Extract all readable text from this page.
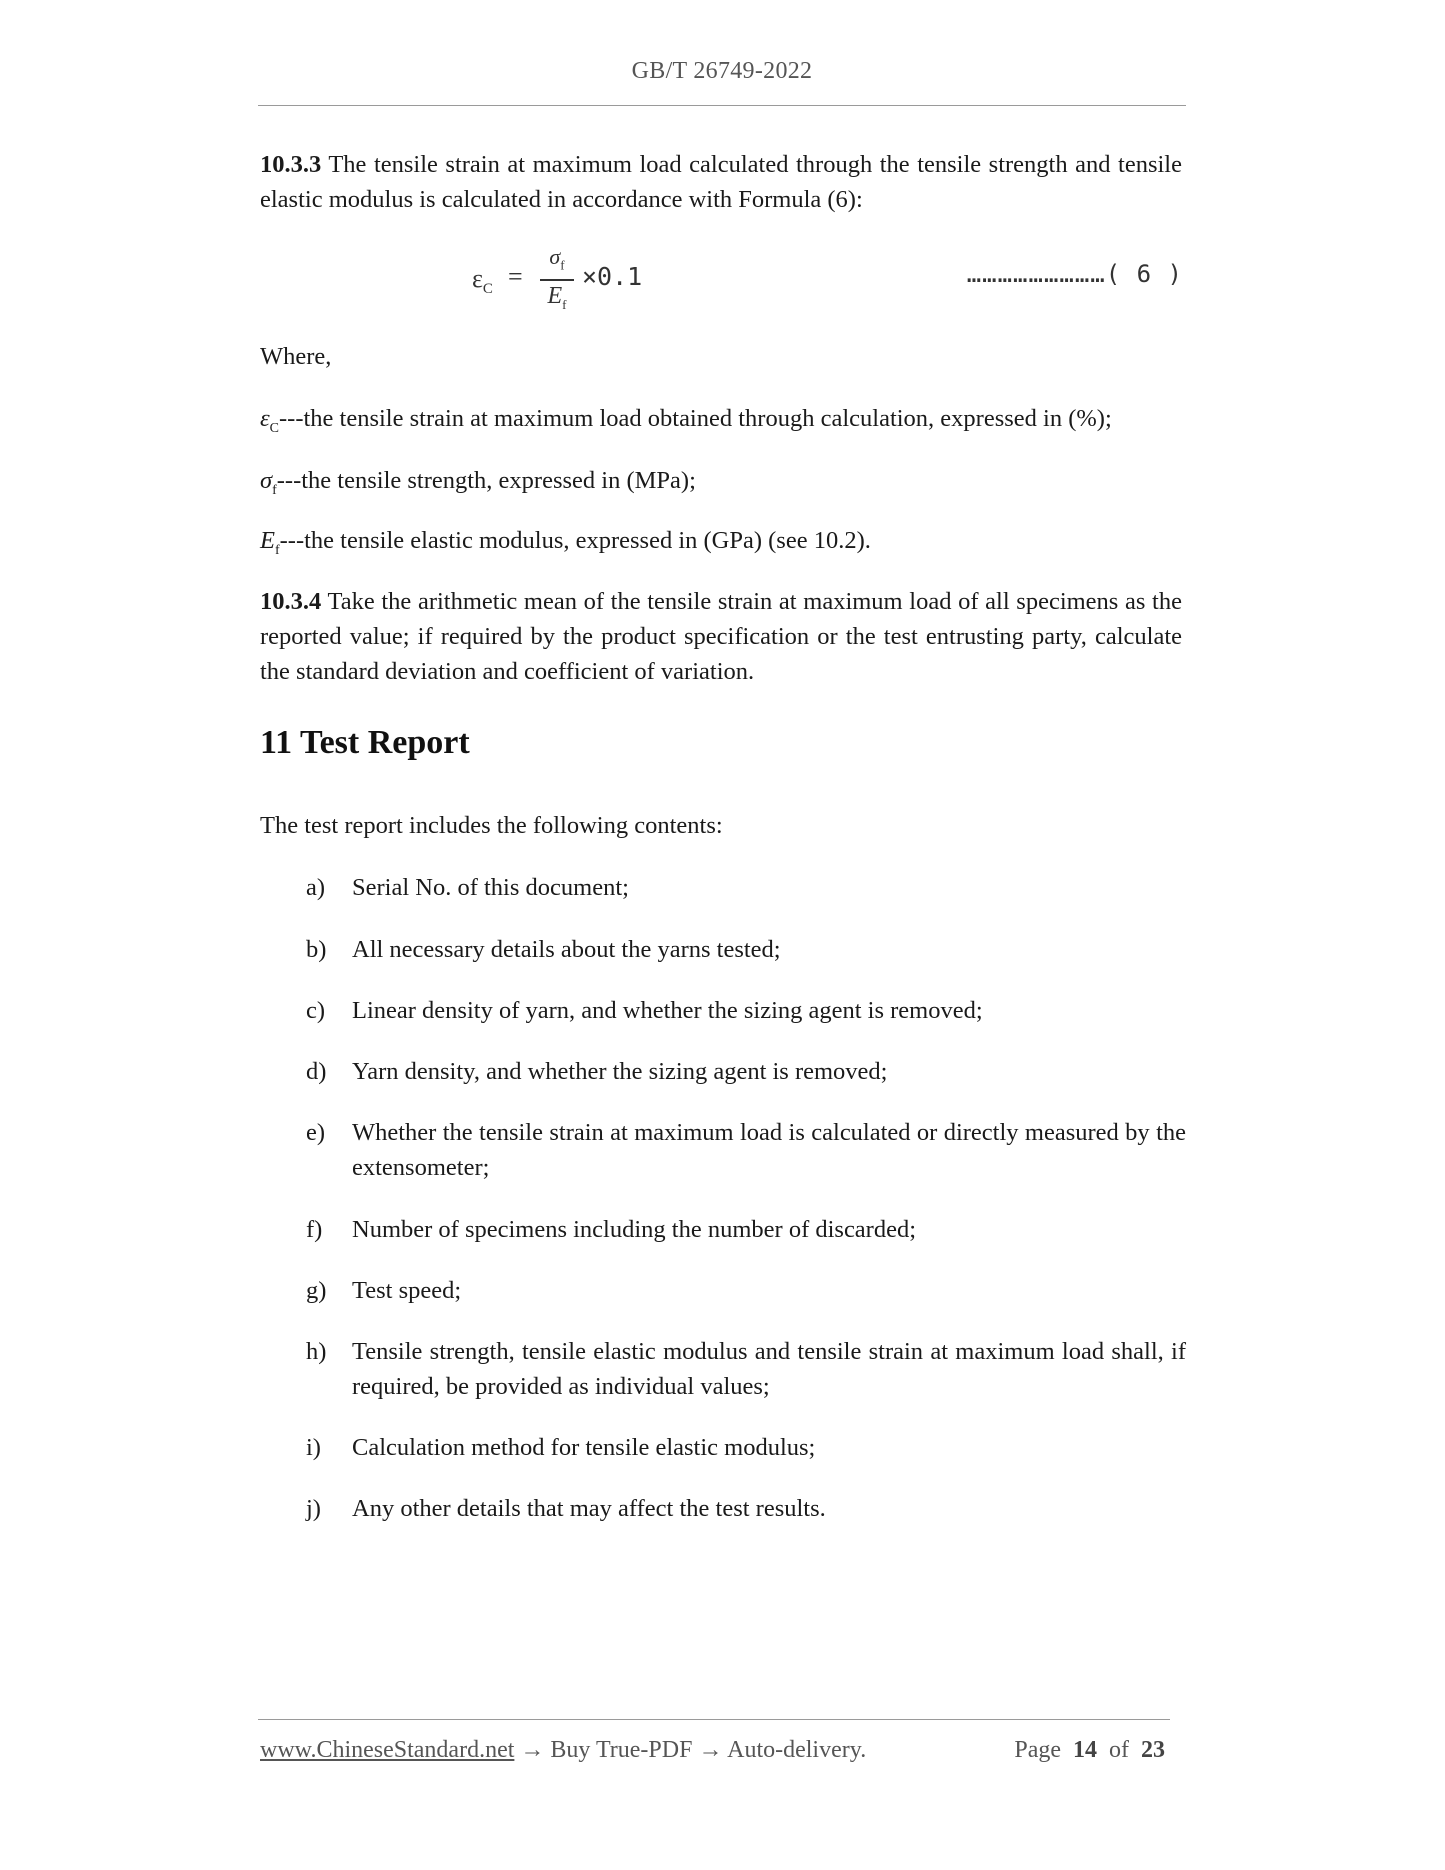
GB/T 26749-2022
10.3.3 The tensile strain at maximum load calculated through the tensile strength and tensile elastic modulus is calculated in accordance with Formula (6):
$\varepsilon_C$ =
$\sigma_f$
$E_f$
×0.1	………………………( 6 )
Where,
$\varepsilon_C--$-the tensile strain at maximum load obtained through calculation, expressed in (%);
$\sigma_f--$-the tensile strength, expressed in (MPa);
$E_f--$-the tensile elastic modulus, expressed in (GPa) (see 10.2).
10.3.4 Take the arithmetic mean of the tensile strain at maximum load of all specimens as the reported value; if required by the product specification or the test entrusting party, calculate the standard deviation and coefficient of variation.
11 Test Report
The test report includes the following contents:
a)	Serial No. of this document;
b)	All necessary details about the yarns tested;
c)	Linear density of yarn, and whether the sizing agent is removed;
d)	Yarn density, and whether the sizing agent is removed;
e)	Whether the tensile strain at maximum load is calculated or directly measured by the extensometer;
f)	Number of specimens including the number of discarded;
g)	Test speed;
h)	Tensile strength, tensile elastic modulus and tensile strain at maximum load shall, if required, be provided as individual values;
i)	Calculation method for tensile elastic modulus;
j)	Any other details that may affect the test results.
www.ChineseStandard.net → Buy True-PDF → Auto-delivery.	Page 14 of 23
